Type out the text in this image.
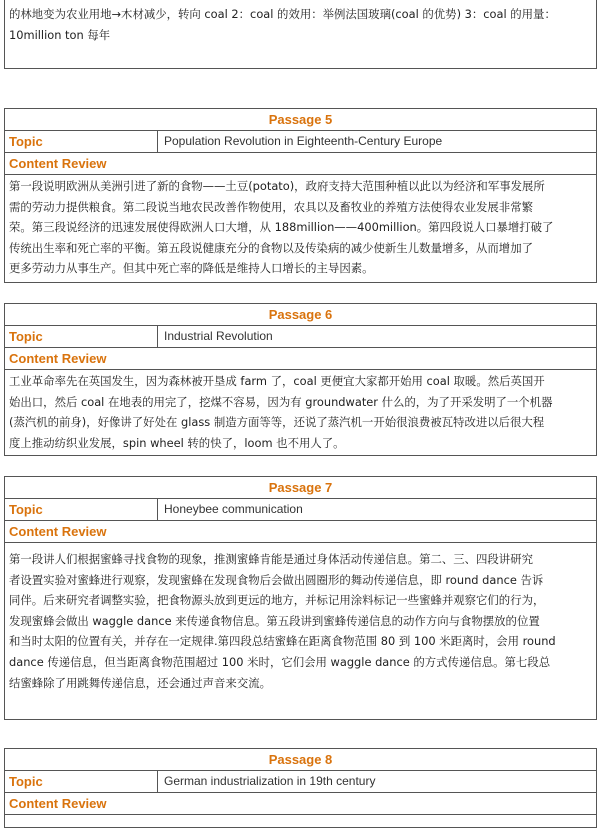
的林地变为农业用地→木材减少，转向 coal 2：coal 的效用：举例法国玻璃(coal 的优势) 3：coal 的用量：
10million ton 每年
Passage 5
Topic	Population Revolution in Eighteenth-Century Europe
Content Review
第一段说明欧洲从美洲引进了新的食物——土豆(potato)，政府支持大范围种植以此以为经济和军事发展所
需的劳动力提供粮食。第二段说当地农民改善作物使用，农具以及畜牧业的养殖方法使得农业发展非常繁
荣。第三段说经济的迅速发展使得欧洲人口大增，从 188million——400million。第四段说人口暴增打破了
传统出生率和死亡率的平衡。第五段说健康充分的食物以及传染病的减少使新生儿数量增多，从而增加了
更多劳动力从事生产。但其中死亡率的降低是维持人口增长的主导因素。
Passage 6
Topic	Industrial Revolution
Content Review
工业革命率先在英国发生，因为森林被开垦成 farm 了，coal 更便宜大家都开始用 coal 取暖。然后英国开
始出口，然后 coal 在地表的用完了，挖煤不容易，因为有 groundwater 什么的，为了开采发明了一个机器
(蒸汽机的前身)，好像讲了好处在 glass 制造方面等等，还说了蒸汽机一开始很浪费被瓦特改进以后很大程
度上推动纺织业发展，spin wheel 转的快了，loom 也不用人了。
Passage 7
Topic	Honeybee communication
Content Review
第一段讲人们根据蜜蜂寻找食物的现象，推测蜜蜂肯能是通过身体活动传递信息。第二、三、四段讲研究
者设置实验对蜜蜂进行观察，发现蜜蜂在发现食物后会做出圆圈形的舞动传递信息，即 round dance 告诉
同伴。后来研究者调整实验，把食物源头放到更远的地方，并标记用涂料标记一些蜜蜂并观察它们的行为，
发现蜜蜂会做出 waggle dance 来传递食物信息。第五段讲到蜜蜂传递信息的动作方向与食物摆放的位置
和当时太阳的位置有关，并存在一定规律.第四段总结蜜蜂在距离食物范围 80 到 100 米距离时，会用 round
dance 传递信息，但当距离食物范围超过 100 米时，它们会用 waggle dance 的方式传递信息。第七段总
结蜜蜂除了用跳舞传递信息，还会通过声音来交流。
Passage 8
Topic	German industrialization in 19th century
Content Review
